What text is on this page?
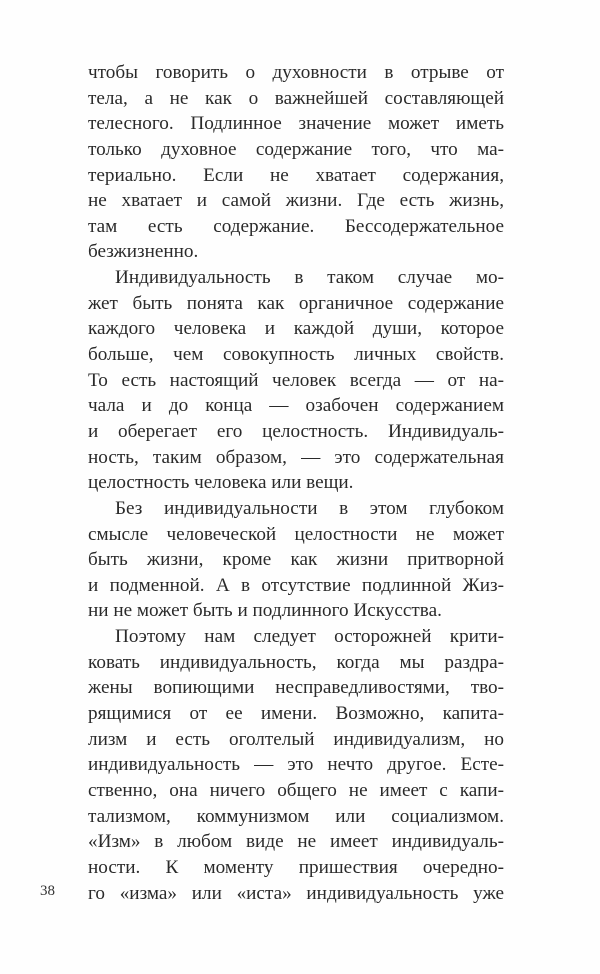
чтобы говорить о духовности в отрыве от
тела, а не как о важнейшей составляющей
телесного. Подлинное значение может иметь
только духовное содержание того, что ма-
териально. Если не хватает содержания,
не хватает и самой жизни. Где есть жизнь,
там есть содержание. Бессодержательное
безжизненно.
Индивидуальность в таком случае мо-
жет быть понята как органичное содержание
каждого человека и каждой души, которое
больше, чем совокупность личных свойств.
То есть настоящий человек всегда — от на-
чала и до конца — озабочен содержанием
и оберегает его целостность. Индивидуаль-
ность, таким образом, — это содержательная
целостность человека или вещи.
Без индивидуальности в этом глубоком
смысле человеческой целостности не может
быть жизни, кроме как жизни притворной
и подменной. А в отсутствие подлинной Жиз-
ни не может быть и подлинного Искусства.
Поэтому нам следует осторожней крити-
ковать индивидуальность, когда мы раздра-
жены вопиющими несправедливостями, тво-
рящимися от ее имени. Возможно, капита-
лизм и есть оголтелый индивидуализм, но
индивидуальность — это нечто другое. Есте-
ственно, она ничего общего не имеет с капи-
тализмом, коммунизмом или социализмом.
«Изм» в любом виде не имеет индивидуаль-
ности. К моменту пришествия очередно-
го «изма» или «иста» индивидуальность уже
38
